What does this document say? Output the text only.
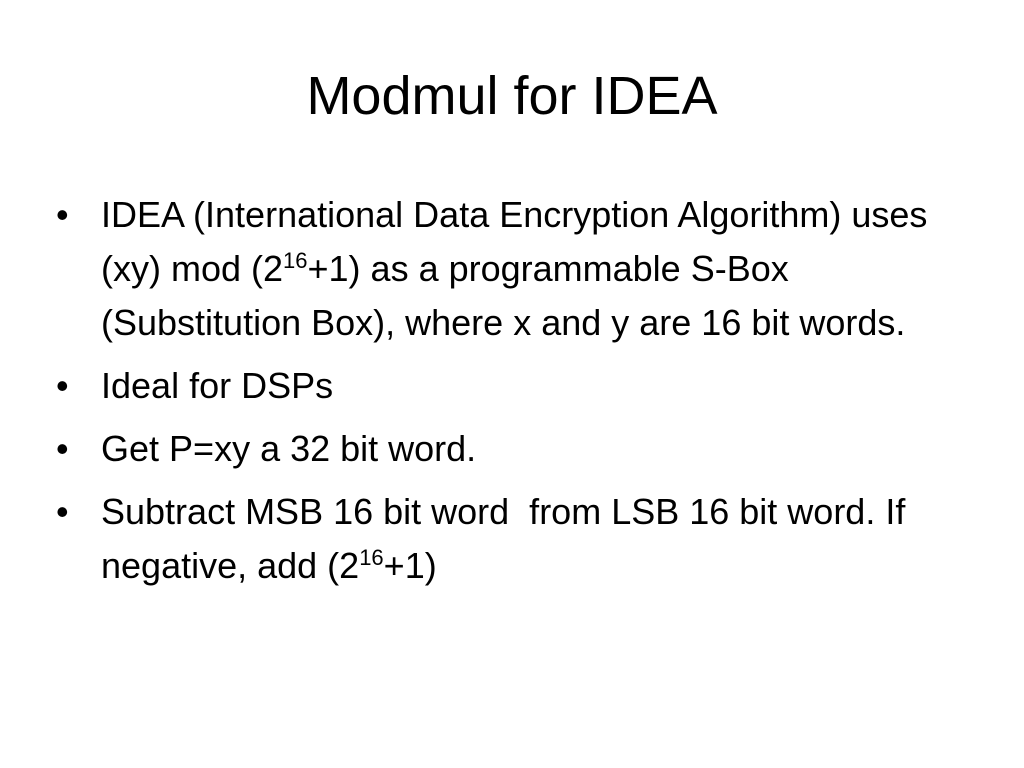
Modmul for IDEA
• IDEA (International Data Encryption Algorithm) uses (xy) mod $(2^{16}+1)$ as a programmable S-Box (Substitution Box), where x and y are 16 bit words.
• Ideal for DSPs
• Get P=xy a 32 bit word.
• Subtract MSB 16 bit word  from LSB 16 bit word. If negative, add $(2^{16}+1)$
